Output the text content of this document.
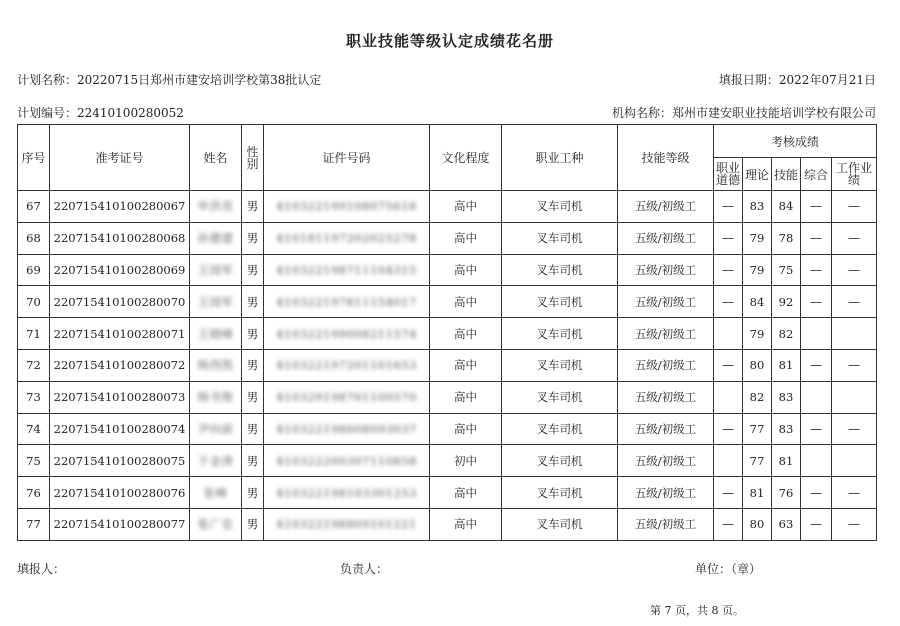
职业技能等级认定成绩花名册
计划名称：20220715日郑州市建安培训学校第38批认定	填报日期：2022年07月21日
计划编号：22410100280052	机构名称：郑州市建安职业技能培训学校有限公司
序号	准考证号	姓名	性别	证件号码	文化程度	职业工种	技能等级	考核成绩				
								职业道德	理论	技能	综合	工作业绩
67	220715410100280067	申洪亮	男	410322199108075618	高中	叉车司机	五级/初级工	—	83	84	—	—
68	220715410100280068	孙德建	男	410181197202025278	高中	叉车司机	五级/初级工	—	79	78	—	—
69	220715410100280069	王国军	男	410322198711104315	高中	叉车司机	五级/初级工	—	79	75	—	—
70	220715410100280070	王国军	男	410322197811154017	高中	叉车司机	五级/初级工	—	84	92	—	—
71	220715410100280071	王晓峰	男	410322199008211574	高中	叉车司机	五级/初级工		79	82		
72	220715410100280072	杨西凯	男	410322197201101653	高中	叉车司机	五级/初级工	—	80	81	—	—
73	220715410100280073	杨书俊	男	410329198701100570	高中	叉车司机	五级/初级工		82	83		
74	220715410100280074	尹向前	男	410322198608093037	高中	叉车司机	五级/初级工	—	77	83	—	—
75	220715410100280075	于金涛	男	410322200307110858	初中	叉车司机	五级/初级工		77	81		
76	220715410100280076	张峰	男	410322198103301253	高中	叉车司机	五级/初级工	—	81	76	—	—
77	220715410100280077	张广忠	男	410322198809101221	高中	叉车司机	五级/初级工	—	80	63	—	—
填报人：	负责人：	单位：（章）
第 7 页，共 8 页。
